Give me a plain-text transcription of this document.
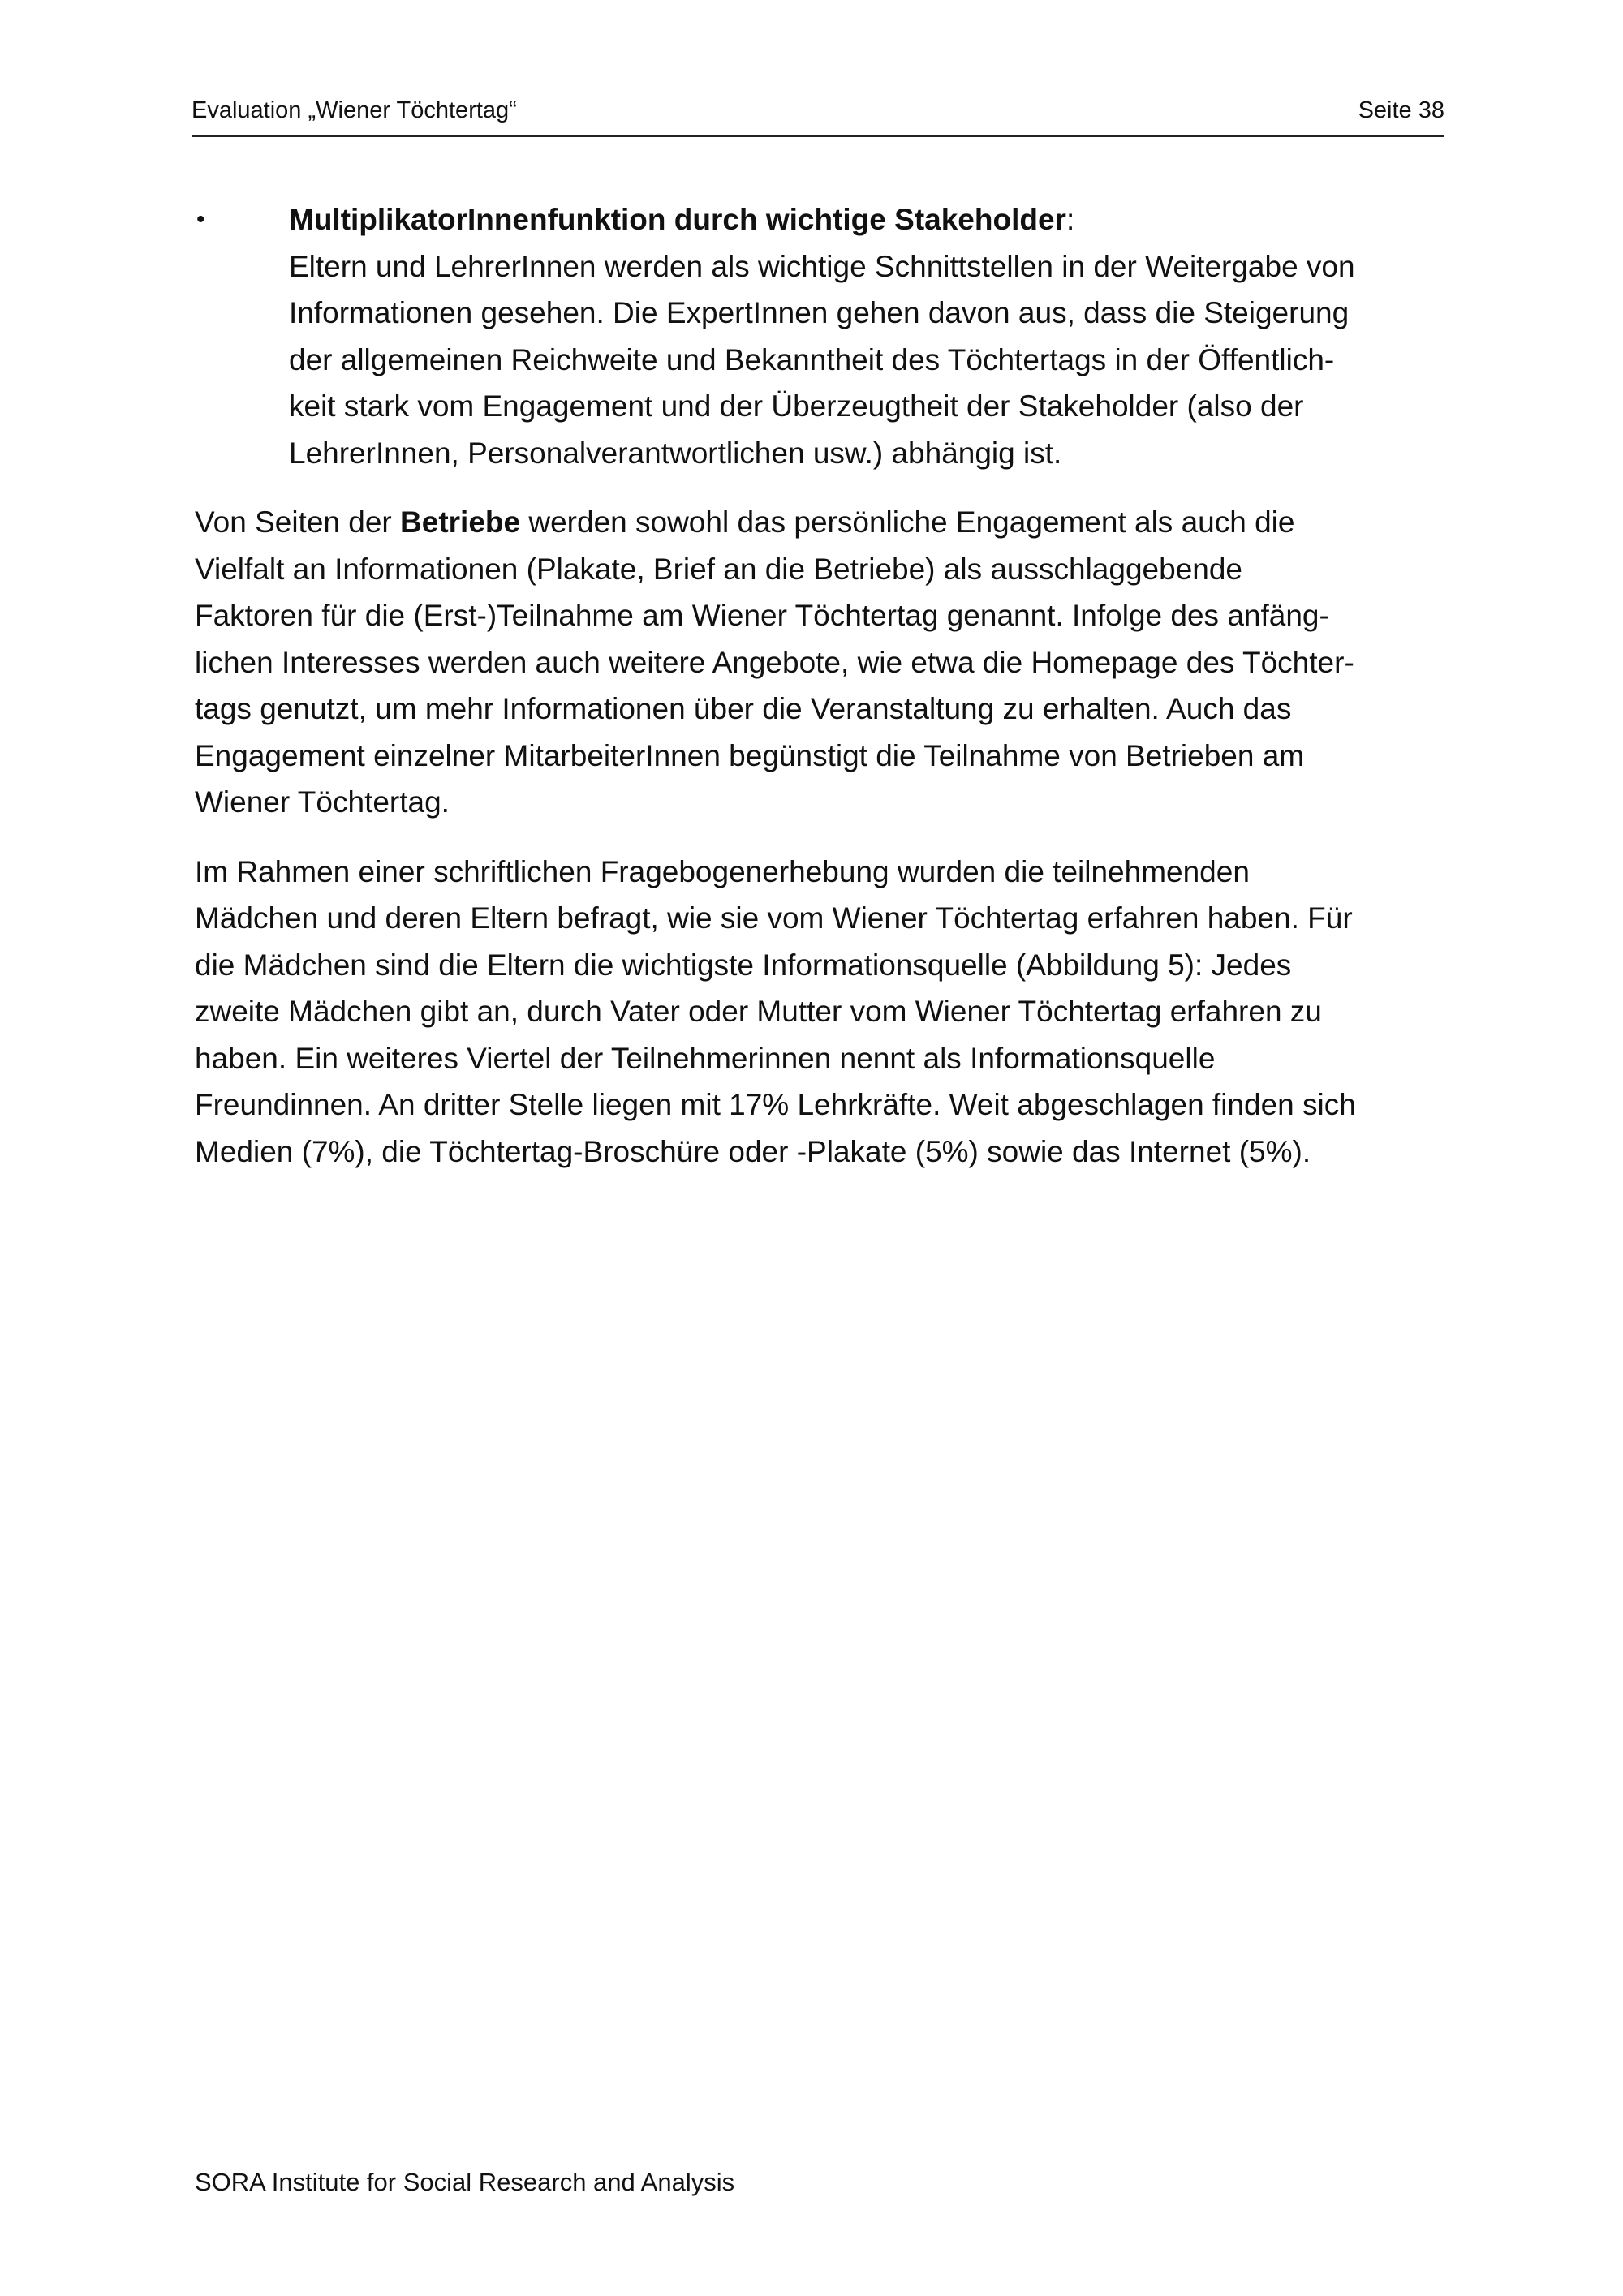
Evaluation „Wiener Töchtertag“	Seite 38
•	MultiplikatorInnenfunktion durch wichtige Stakeholder:
Eltern und LehrerInnen werden als wichtige Schnittstellen in der Weitergabe von
Informationen gesehen. Die ExpertInnen gehen davon aus, dass die Steigerung
der allgemeinen Reichweite und Bekanntheit des Töchtertags in der Öffentlich-
keit stark vom Engagement und der Überzeugtheit der Stakeholder (also der
LehrerInnen, Personalverantwortlichen usw.) abhängig ist.

Von Seiten der Betriebe werden sowohl das persönliche Engagement als auch die
Vielfalt an Informationen (Plakate, Brief an die Betriebe) als ausschlaggebende
Faktoren für die (Erst-)Teilnahme am Wiener Töchtertag genannt. Infolge des anfäng-
lichen Interesses werden auch weitere Angebote, wie etwa die Homepage des Töchter-
tags genutzt, um mehr Informationen über die Veranstaltung zu erhalten. Auch das
Engagement einzelner MitarbeiterInnen begünstigt die Teilnahme von Betrieben am
Wiener Töchtertag.

Im Rahmen einer schriftlichen Fragebogenerhebung wurden die teilnehmenden
Mädchen und deren Eltern befragt, wie sie vom Wiener Töchtertag erfahren haben. Für
die Mädchen sind die Eltern die wichtigste Informationsquelle (Abbildung 5): Jedes
zweite Mädchen gibt an, durch Vater oder Mutter vom Wiener Töchtertag erfahren zu
haben. Ein weiteres Viertel der Teilnehmerinnen nennt als Informationsquelle
Freundinnen. An dritter Stelle liegen mit 17% Lehrkräfte. Weit abgeschlagen finden sich
Medien (7%), die Töchtertag-Broschüre oder -Plakate (5%) sowie das Internet (5%).

SORA Institute for Social Research and Analysis
